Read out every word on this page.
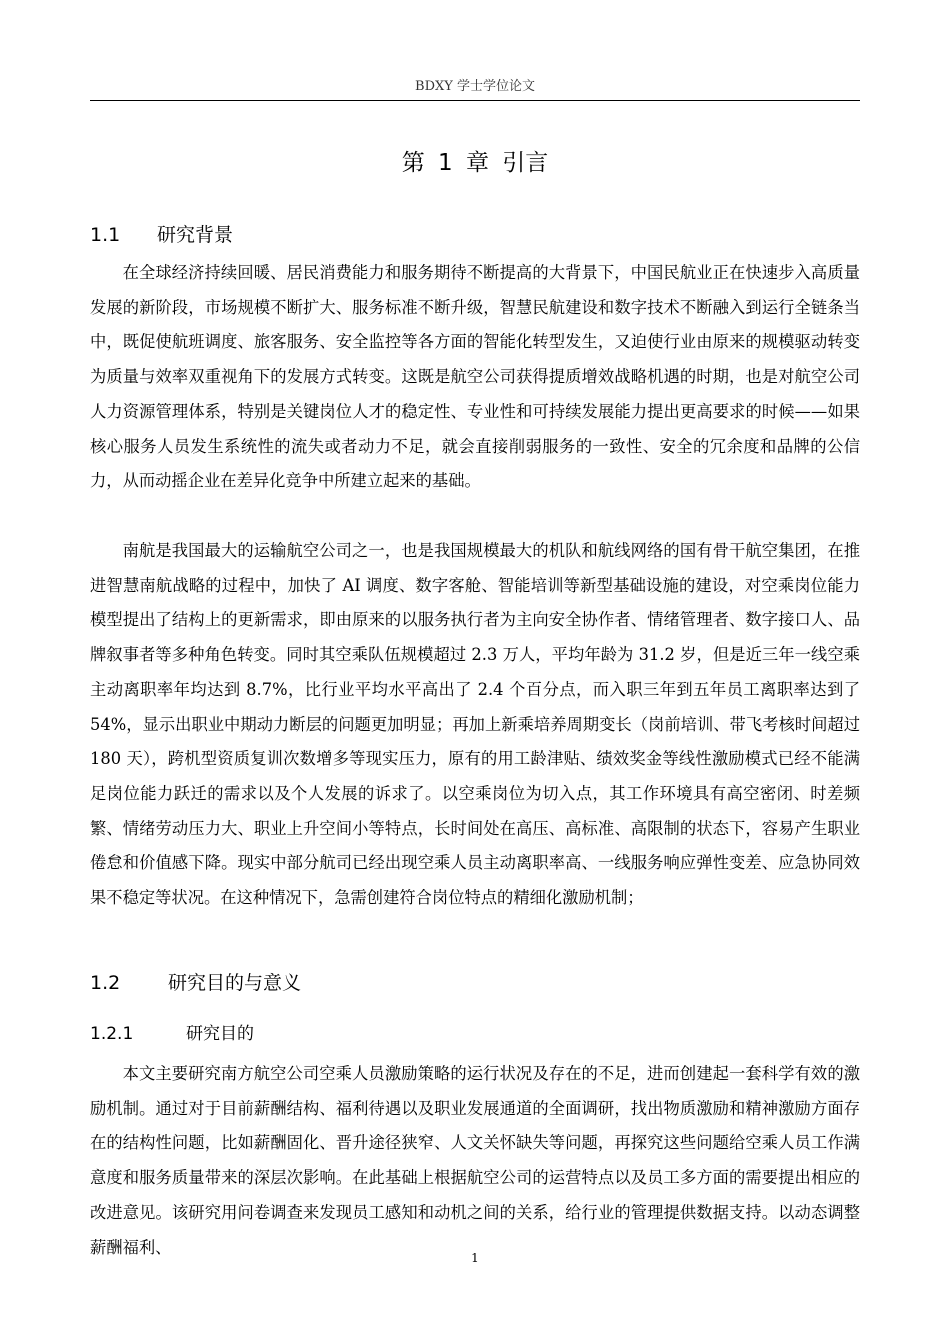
BDXY 学士学位论文
第 1 章 引言
1.1 研究背景

在全球经济持续回暖、居民消费能力和服务期待不断提高的大背景下，中国民航业正在快速步入高质量发展的新阶段，市场规模不断扩大、服务标准不断升级，智慧民航建设和数字技术不断融入到运行全链条当中，既促使航班调度、旅客服务、安全监控等各方面的智能化转型发生，又迫使行业由原来的规模驱动转变为质量与效率双重视角下的发展方式转变。这既是航空公司获得提质增效战略机遇的时期，也是对航空公司人力资源管理体系，特别是关键岗位人才的稳定性、专业性和可持续发展能力提出更高要求的时候——如果核心服务人员发生系统性的流失或者动力不足，就会直接削弱服务的一致性、安全的冗余度和品牌的公信力，从而动摇企业在差异化竞争中所建立起来的基础。

南航是我国最大的运输航空公司之一，也是我国规模最大的机队和航线网络的国有骨干航空集团，在推进智慧南航战略的过程中，加快了 AI 调度、数字客舱、智能培训等新型基础设施的建设，对空乘岗位能力模型提出了结构上的更新需求，即由原来的以服务执行者为主向安全协作者、情绪管理者、数字接口人、品牌叙事者等多种角色转变。同时其空乘队伍规模超过 2.3 万人，平均年龄为 31.2 岁，但是近三年一线空乘主动离职率年均达到 8.7%，比行业平均水平高出了 2.4 个百分点，而入职三年到五年员工离职率达到了 54%，显示出职业中期动力断层的问题更加明显；再加上新乘培养周期变长（岗前培训、带飞考核时间超过 180 天），跨机型资质复训次数增多等现实压力，原有的用工龄津贴、绩效奖金等线性激励模式已经不能满足岗位能力跃迁的需求以及个人发展的诉求了。以空乘岗位为切入点，其工作环境具有高空密闭、时差频繁、情绪劳动压力大、职业上升空间小等特点，长时间处在高压、高标准、高限制的状态下，容易产生职业倦怠和价值感下降。现实中部分航司已经出现空乘人员主动离职率高、一线服务响应弹性变差、应急协同效果不稳定等状况。在这种情况下，急需创建符合岗位特点的精细化激励机制；

1.2	研究目的与意义
1.2.1	研究目的

本文主要研究南方航空公司空乘人员激励策略的运行状况及存在的不足，进而创建起一套科学有效的激励机制。通过对于目前薪酬结构、福利待遇以及职业发展通道的全面调研，找出物质激励和精神激励方面存在的结构性问题，比如薪酬固化、晋升途径狭窄、人文关怀缺失等问题，再探究这些问题给空乘人员工作满意度和服务质量带来的深层次影响。在此基础上根据航空公司的运营特点以及员工多方面的需要提出相应的改进意见。该研究用问卷调查来发现员工感知和动机之间的关系，给行业的管理提供数据支持。以动态调整薪酬福利、

1
